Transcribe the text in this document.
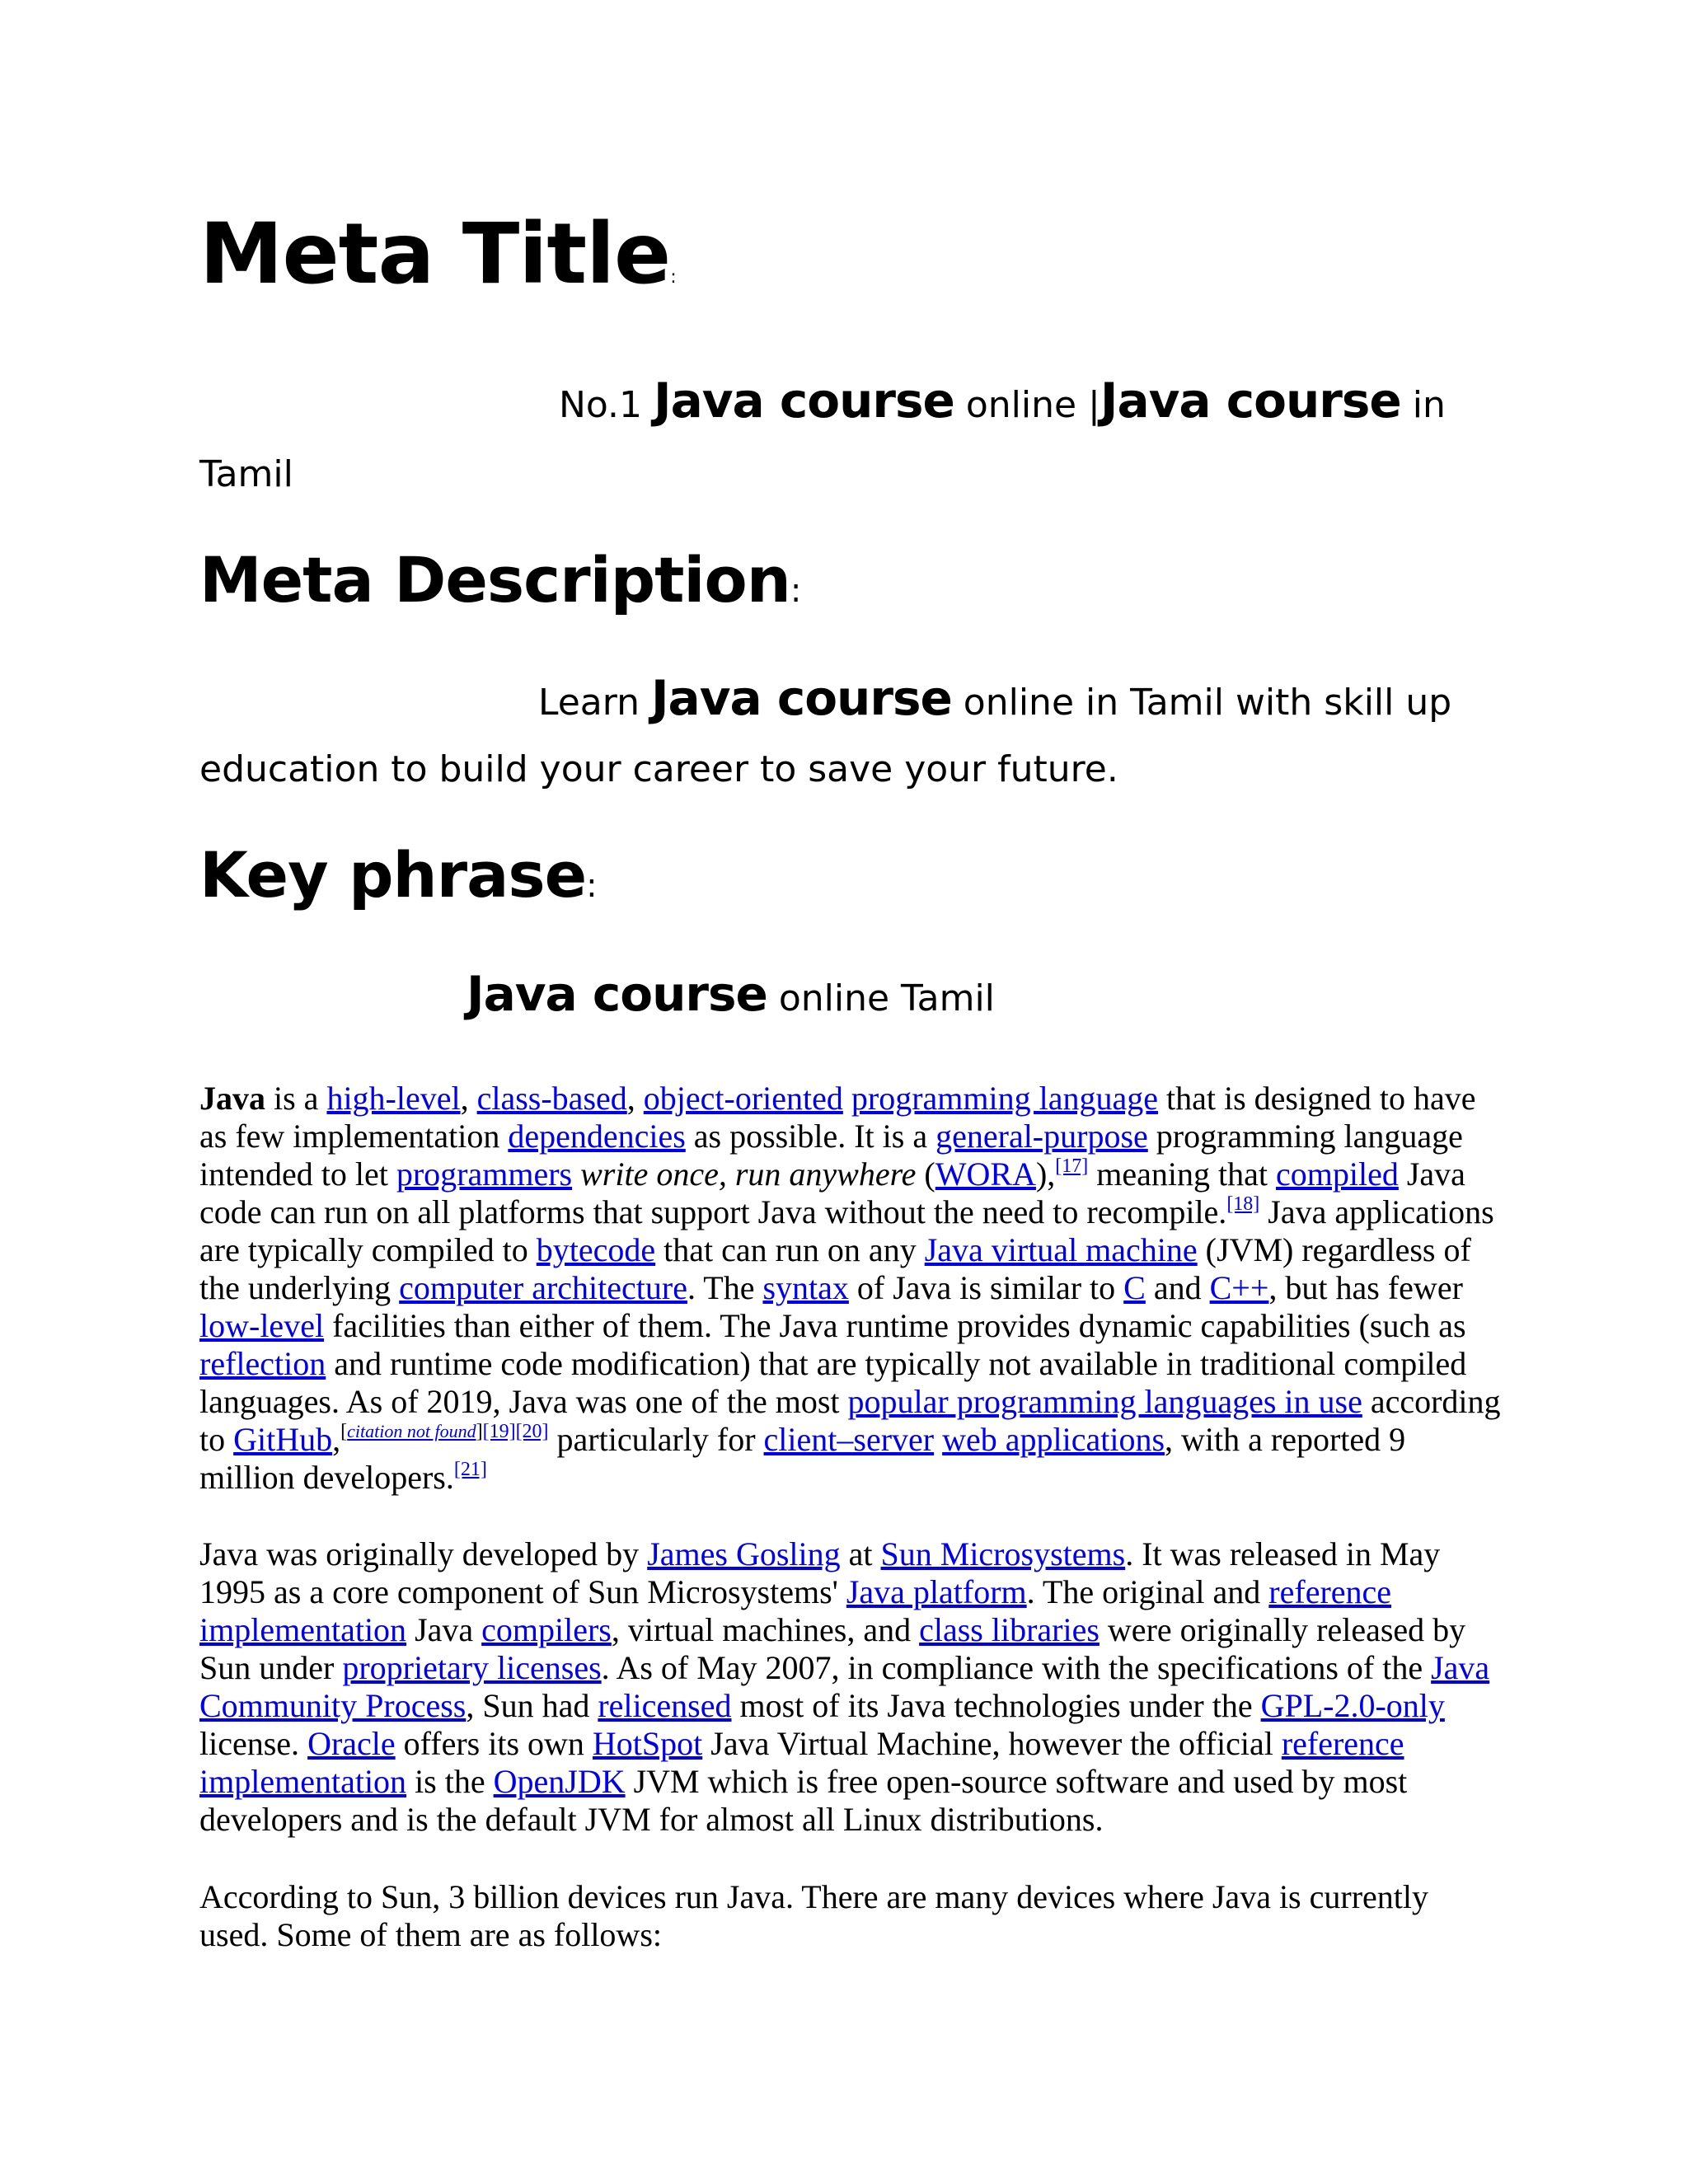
Meta Title:
No.1 Java course online |Java course in
Tamil
Meta Description:
Learn Java course online in Tamil with skill up
education to build your career to save your future.
Key phrase:
Java course online Tamil

Java is a high-level, class-based, object-oriented programming language that is designed to have as few implementation dependencies as possible. It is a general-purpose programming language intended to let programmers write once, run anywhere (WORA),[17] meaning that compiled Java code can run on all platforms that support Java without the need to recompile.[18] Java applications are typically compiled to bytecode that can run on any Java virtual machine (JVM) regardless of the underlying computer architecture. The syntax of Java is similar to C and C++, but has fewer low-level facilities than either of them. The Java runtime provides dynamic capabilities (such as reflection and runtime code modification) that are typically not available in traditional compiled languages. As of 2019, Java was one of the most popular programming languages in use according to GitHub,[citation not found][19][20] particularly for client–server web applications, with a reported 9 million developers.[21]

Java was originally developed by James Gosling at Sun Microsystems. It was released in May 1995 as a core component of Sun Microsystems' Java platform. The original and reference implementation Java compilers, virtual machines, and class libraries were originally released by Sun under proprietary licenses. As of May 2007, in compliance with the specifications of the Java Community Process, Sun had relicensed most of its Java technologies under the GPL-2.0-only license. Oracle offers its own HotSpot Java Virtual Machine, however the official reference implementation is the OpenJDK JVM which is free open-source software and used by most developers and is the default JVM for almost all Linux distributions.

According to Sun, 3 billion devices run Java. There are many devices where Java is currently used. Some of them are as follows:
